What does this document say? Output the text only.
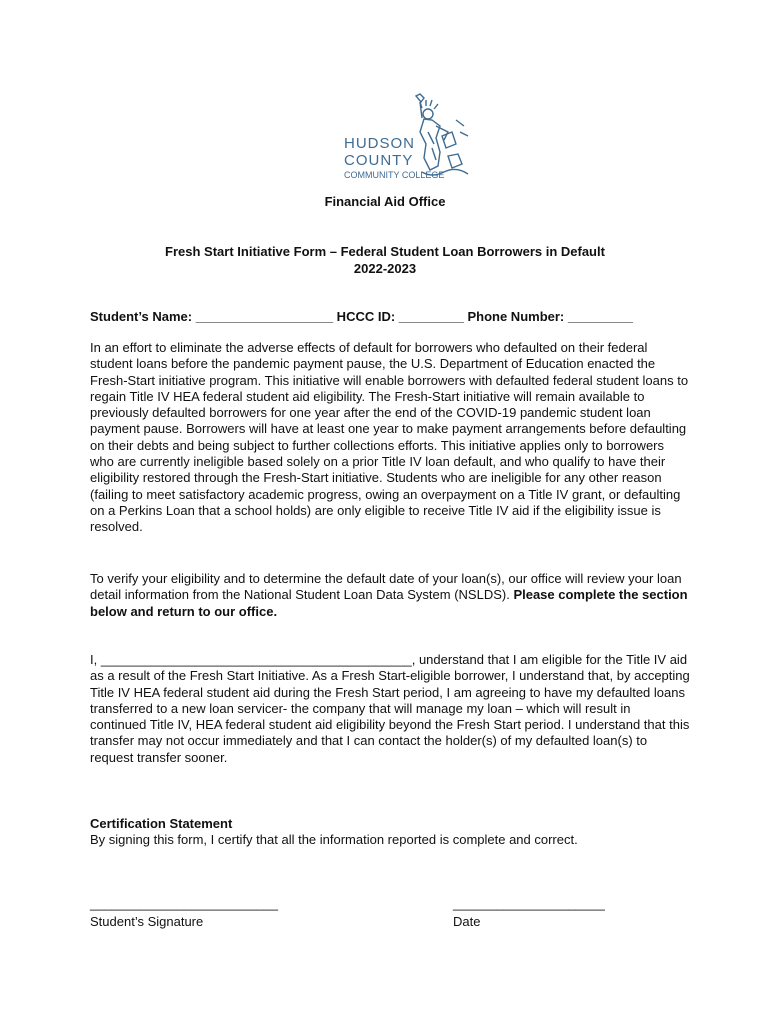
HUDSON
COUNTY
COMMUNITY COLLEGE
Financial Aid Office
Fresh Start Initiative Form – Federal Student Loan Borrowers in Default
2022-2023
Student’s Name: ___________________ HCCC ID: _________ Phone Number: _________
In an effort to eliminate the adverse effects of default for borrowers who defaulted on their federal student loans before the pandemic payment pause, the U.S. Department of Education enacted the Fresh-Start initiative program. This initiative will enable borrowers with defaulted federal student loans to regain Title IV HEA federal student aid eligibility. The Fresh-Start initiative will remain available to previously defaulted borrowers for one year after the end of the COVID-19 pandemic student loan payment pause. Borrowers will have at least one year to make payment arrangements before defaulting on their debts and being subject to further collections efforts. This initiative applies only to borrowers who are currently ineligible based solely on a prior Title IV loan default, and who qualify to have their eligibility restored through the Fresh-Start initiative. Students who are ineligible for any other reason (failing to meet satisfactory academic progress, owing an overpayment on a Title IV grant, or defaulting on a Perkins Loan that a school holds) are only eligible to receive Title IV aid if the eligibility issue is resolved.
To verify your eligibility and to determine the default date of your loan(s), our office will review your loan detail information from the National Student Loan Data System (NSLDS). Please complete the section below and return to our office.
I, ___________________________________________, understand that I am eligible for the Title IV aid as a result of the Fresh Start Initiative. As a Fresh Start-eligible borrower, I understand that, by accepting Title IV HEA federal student aid during the Fresh Start period, I am agreeing to have my defaulted loans transferred to a new loan servicer- the company that will manage my loan – which will result in continued Title IV, HEA federal student aid eligibility beyond the Fresh Start period. I understand that this transfer may not occur immediately and that I can contact the holder(s) of my defaulted loan(s) to request transfer sooner.
Certification Statement
By signing this form, I certify that all the information reported is complete and correct.
__________________________	_____________________
Student’s Signature	Date
